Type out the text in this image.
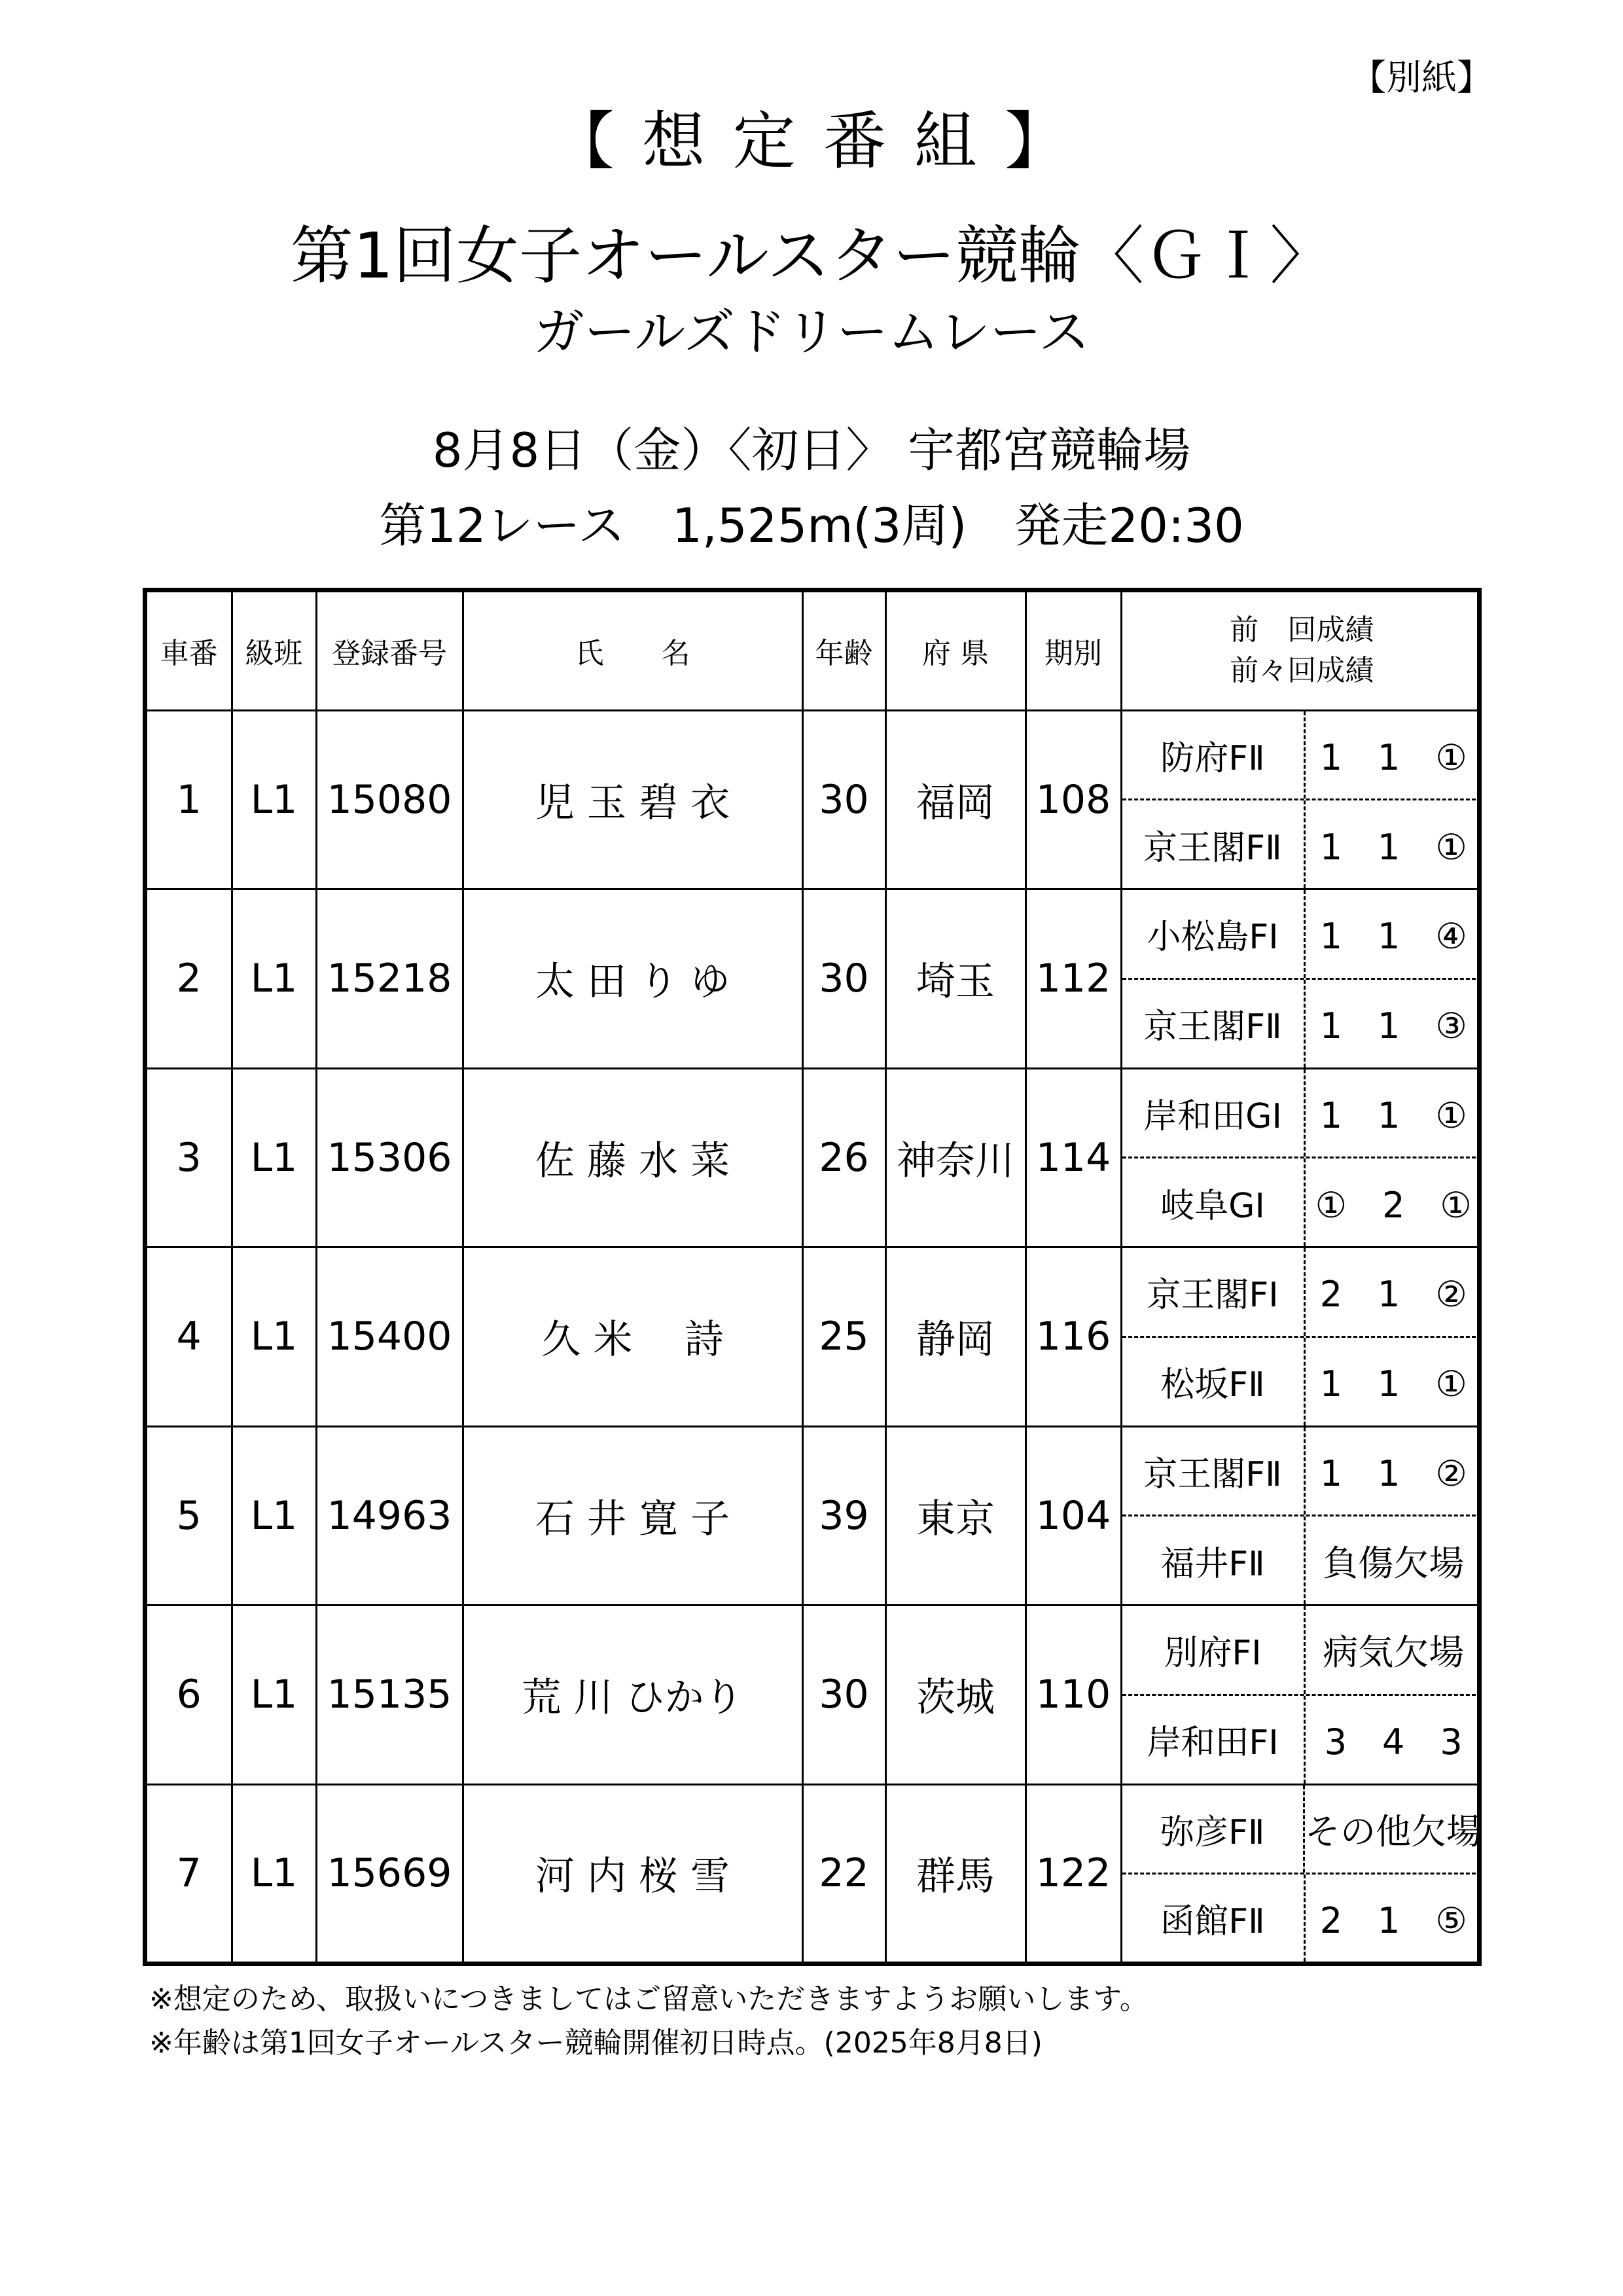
【別紙】
【 想 定 番 組 】
第1回女子オールスター競輪〈ＧＩ〉
ガールズドリームレース
8月8日（金）〈初日〉 宇都宮競輪場
第12レース　1,525m(3周)　発走20:30
車番	級班	登録番号	氏　　名	年齢	府 県	期別	前　回成績
前々回成績

1	L1	15080	児 玉 碧 衣	30	福岡	108	防府FⅡ 1　1　①
京王閣FⅡ 1　1　①

2	L1	15218	太 田 り ゆ	30	埼玉	112	小松島FⅠ 1　1　④
京王閣FⅡ 1　1　③

3	L1	15306	佐 藤 水 菜	26	神奈川	114	岸和田GⅠ 1　1　①
岐阜GⅠ ①　2　①

4	L1	15400	久 米　 詩	25	静岡	116	京王閣FⅠ 2　1　②
松坂FⅡ 1　1　①

5	L1	14963	石 井 寛 子	39	東京	104	京王閣FⅡ 1　1　②
福井FⅡ 負傷欠場

6	L1	15135	荒 川 ひかり	30	茨城	110	別府FⅠ 病気欠場
岸和田FⅠ 3　4　3

7	L1	15669	河 内 桜 雪	22	群馬	122	弥彦FⅡ その他欠場
函館FⅡ 2　1　⑤
※想定のため、取扱いにつきましてはご留意いただきますようお願いします。
※年齢は第1回女子オールスター競輪開催初日時点。(2025年8月8日)
